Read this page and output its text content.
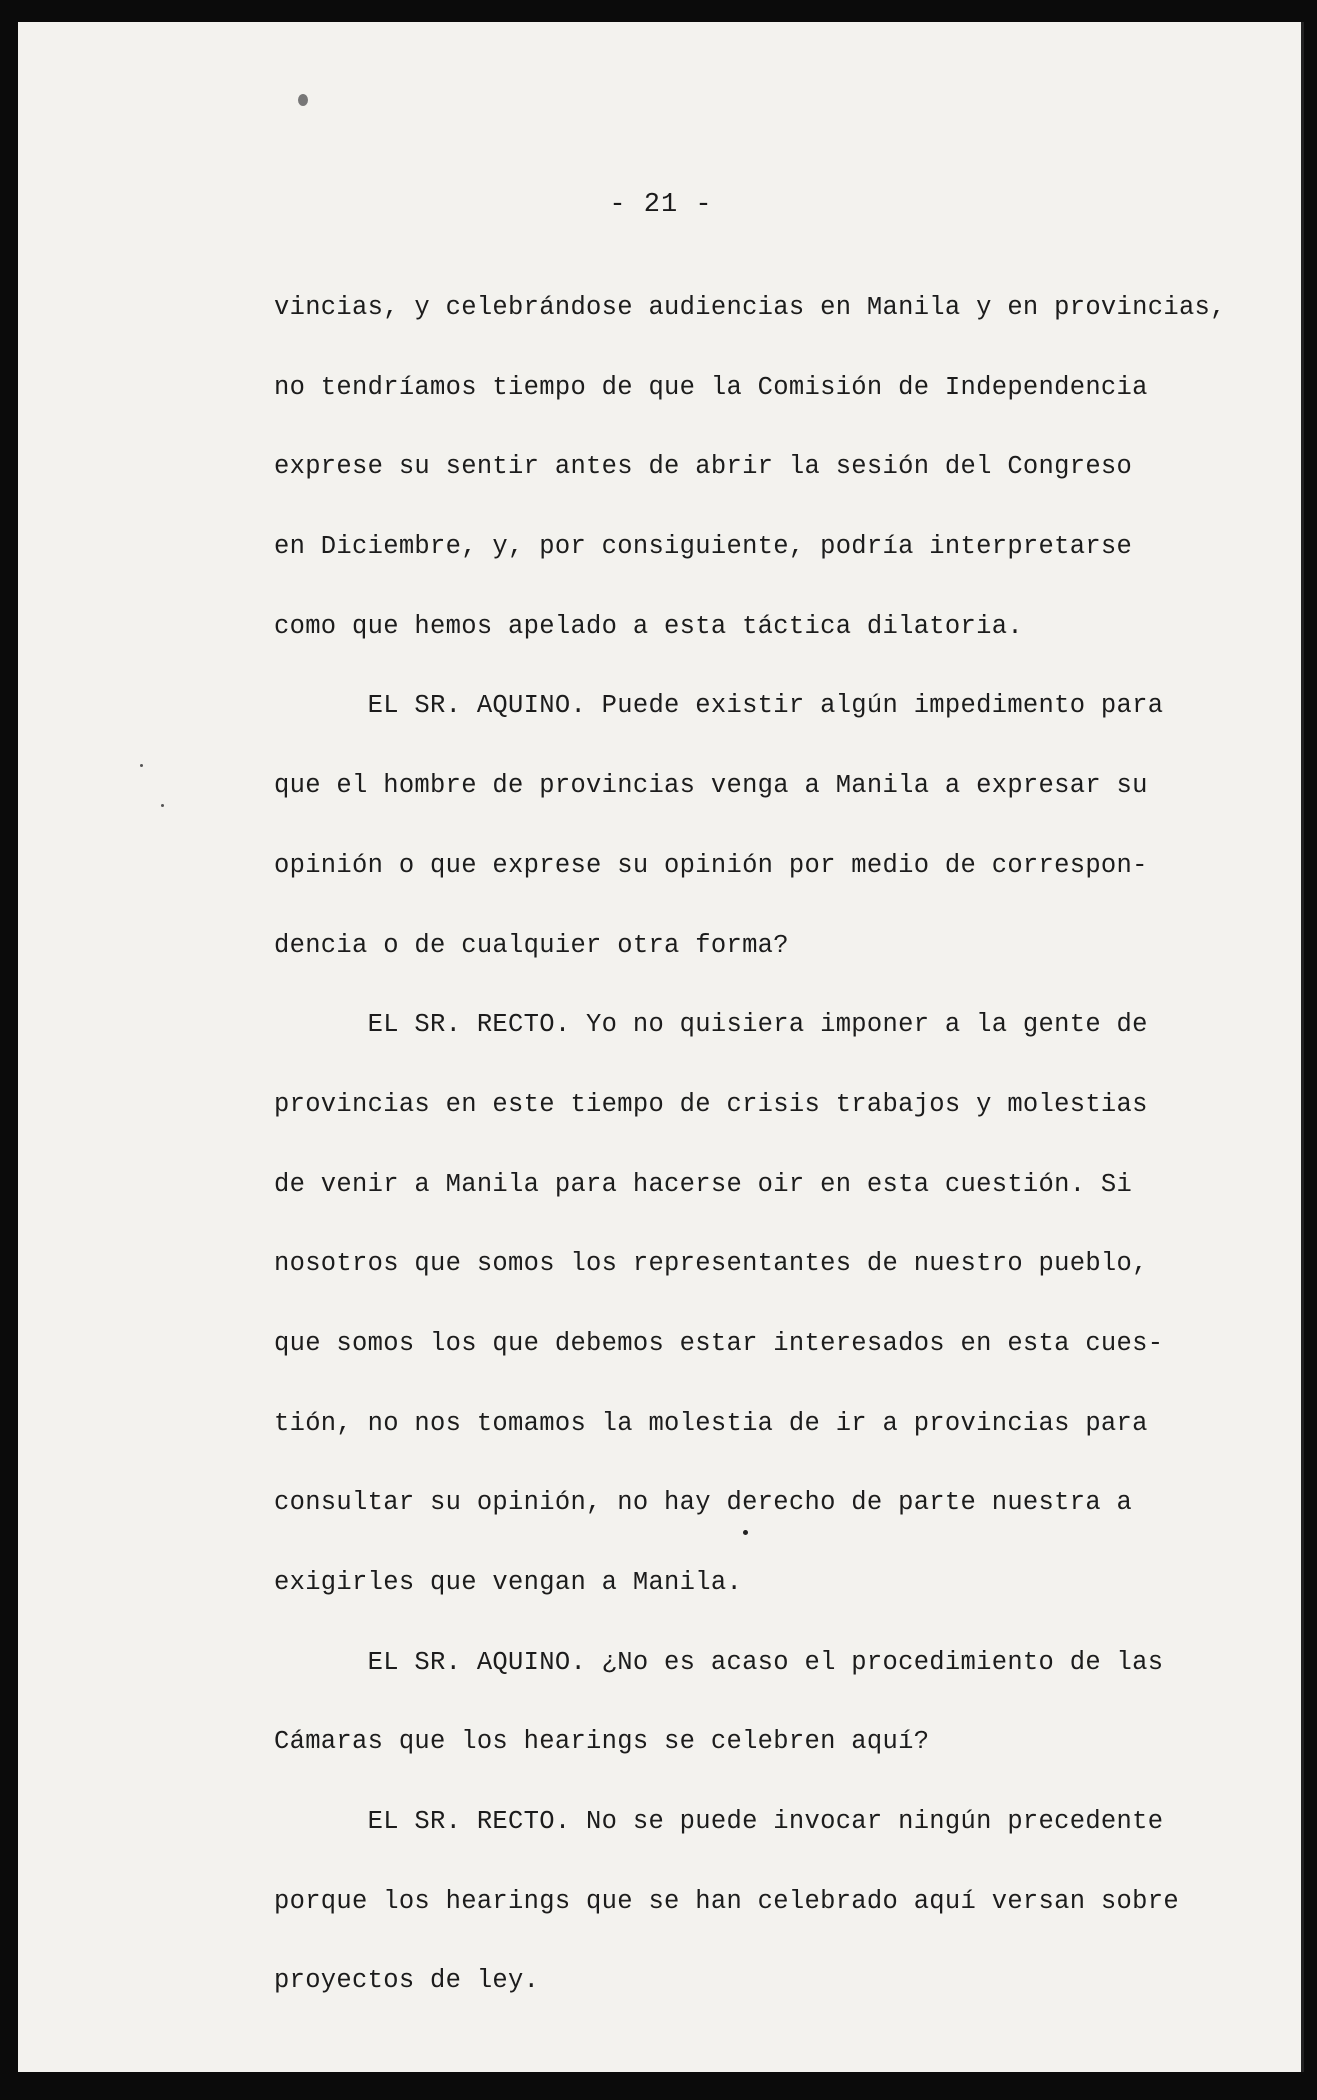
- 21 -
vincias, y celebrándose audiencias en Manila y en provincias,
no tendríamos tiempo de que la Comisión de Independencia
exprese su sentir antes de abrir la sesión del Congreso
en Diciembre, y, por consiguiente, podría interpretarse
como que hemos apelado a esta táctica dilatoria.
EL SR. AQUINO. Puede existir algún impedimento para
que el hombre de provincias venga a Manila a expresar su
opinión o que exprese su opinión por medio de correspon-
dencia o de cualquier otra forma?
EL SR. RECTO. Yo no quisiera imponer a la gente de
provincias en este tiempo de crisis trabajos y molestias
de venir a Manila para hacerse oir en esta cuestión. Si
nosotros que somos los representantes de nuestro pueblo,
que somos los que debemos estar interesados en esta cues-
tión, no nos tomamos la molestia de ir a provincias para
consultar su opinión, no hay derecho de parte nuestra a
exigirles que vengan a Manila.
EL SR. AQUINO. ¿No es acaso el procedimiento de las
Cámaras que los hearings se celebren aquí?
EL SR. RECTO. No se puede invocar ningún precedente
porque los hearings que se han celebrado aquí versan sobre
proyectos de ley.
